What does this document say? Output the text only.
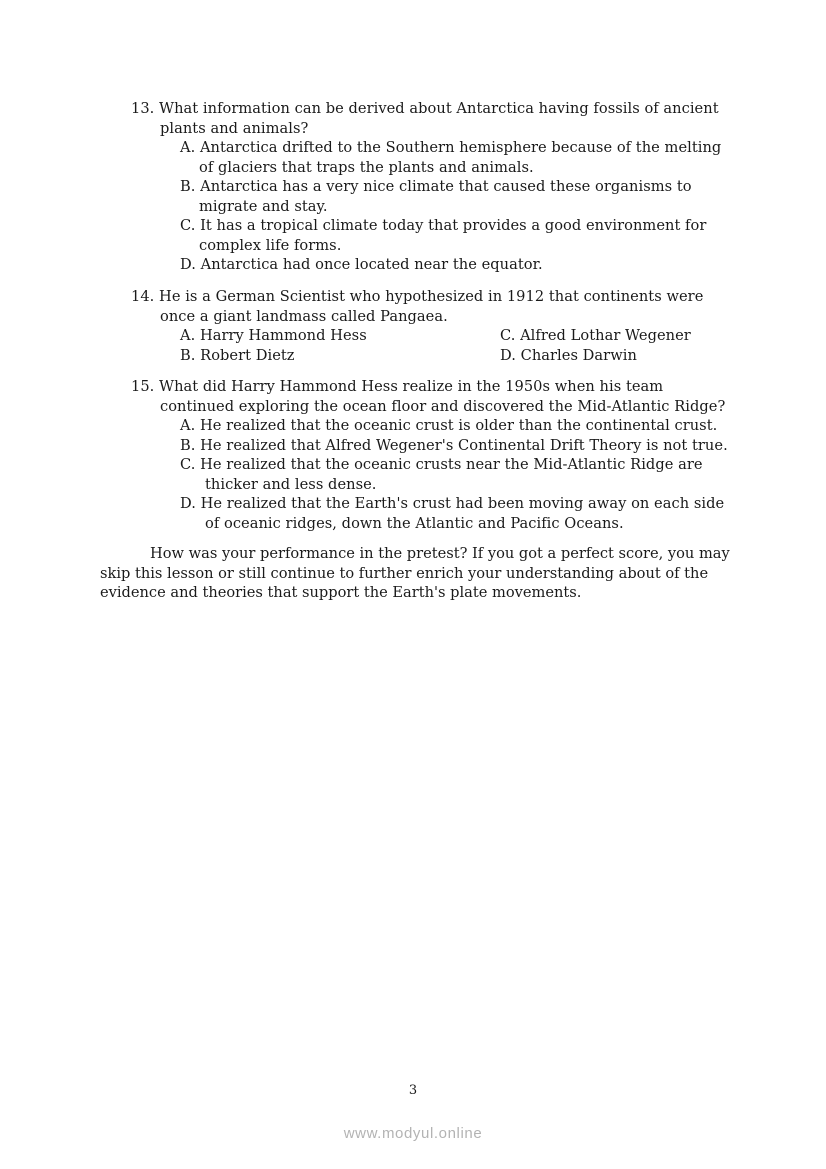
13. What information can be derived about Antarctica having fossils of ancient
plants and animals?
A. Antarctica drifted to the Southern hemisphere because of the melting
of glaciers that traps the plants and animals.
B. Antarctica has a very nice climate that caused these organisms to
migrate and stay.
C. It has a tropical climate today that provides a good environment for
complex life forms.
D. Antarctica had once located near the equator.
14. He is a German Scientist who hypothesized in 1912 that continents were
once a giant landmass called Pangaea.
A. Harry Hammond Hess	C. Alfred Lothar Wegener
B. Robert Dietz	D. Charles Darwin
15. What did Harry Hammond Hess realize in the 1950s when his team
continued exploring the ocean floor and discovered the Mid-Atlantic Ridge?
A. He realized that the oceanic crust is older than the continental crust.
B. He realized that Alfred Wegener's Continental Drift Theory is not true.
C. He realized that the oceanic crusts near the Mid-Atlantic Ridge are
thicker and less dense.
D. He realized that the Earth's crust had been moving away on each side
of oceanic ridges, down the Atlantic and Pacific Oceans.
How was your performance in the pretest? If you got a perfect score, you may
skip this lesson or still continue to further enrich your understanding about of the
evidence and theories that support the Earth's plate movements.
3
www.modyul.online
